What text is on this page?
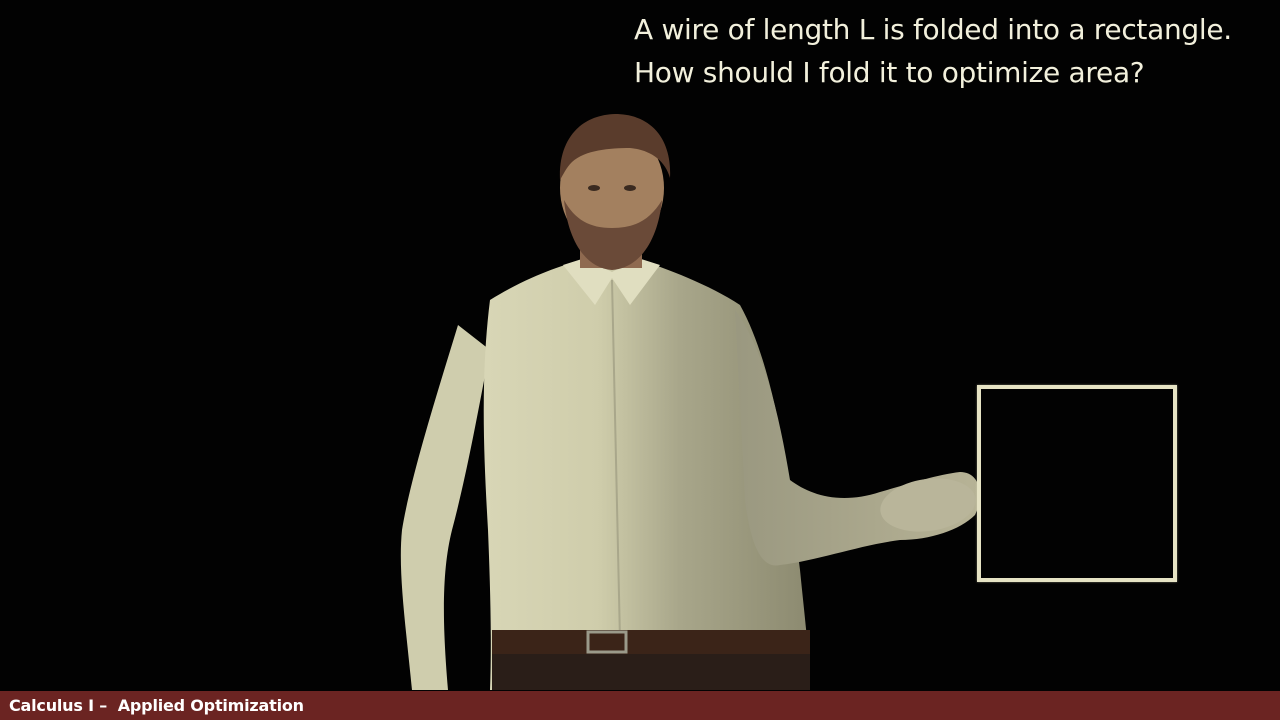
A wire of length L is folded into a rectangle.
How should I fold it to optimize area?
Calculus I –  Applied Optimization
